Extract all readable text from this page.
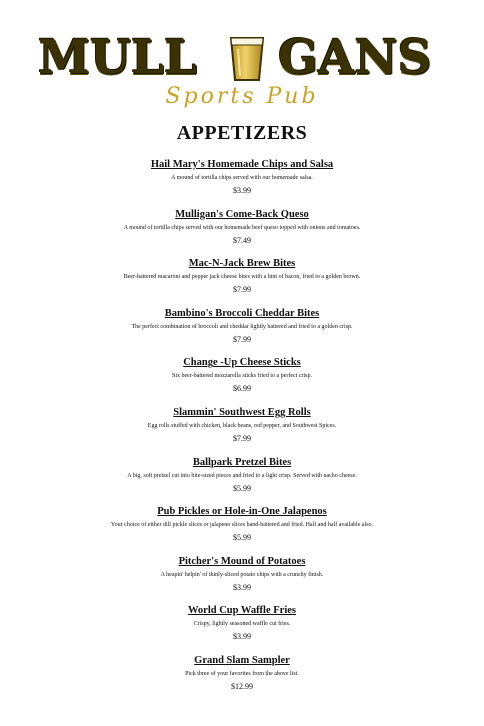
MULL GANS
Sports Pub
APPETIZERS
Hail Mary's Homemade Chips and Salsa
A mound of tortilla chips served with our homemade salsa.
$3.99
Mulligan's Come-Back Queso
A mound of tortilla chips served with our homemade beef queso topped with onions and tomatoes.
$7.49
Mac-N-Jack Brew Bites
Beer-battered macaroni and pepper jack cheese bites with a hint of bacon, fried to a golden brown.
$7.99
Bambino's Broccoli Cheddar Bites
The perfect combination of broccoli and cheddar lightly battered and fried to a golden crisp.
$7.99
Change -Up Cheese Sticks
Six beer-battered mozzarella sticks fried to a perfect crisp.
$6.99
Slammin' Southwest Egg Rolls
Egg rolls stuffed with chicken, black beans, red pepper, and Southwest Spices.
$7.99
Ballpark Pretzel Bites
A big, soft pretzel cut into bite-sized pieces and fried to a light crisp. Served with nacho cheese.
$5.99
Pub Pickles or Hole-in-One Jalapenos
Your choice of either dill pickle slices or jalapeno slices hand-battered and fried. Half and half available also.
$5.99
Pitcher's Mound of Potatoes
A heapin' helpin' of thinly-sliced potato chips with a crunchy finish.
$3.99
World Cup Waffle Fries
Crispy, lightly seasoned waffle cut fries.
$3.99
Grand Slam Sampler
Pick three of your favorites from the above list.
$12.99
